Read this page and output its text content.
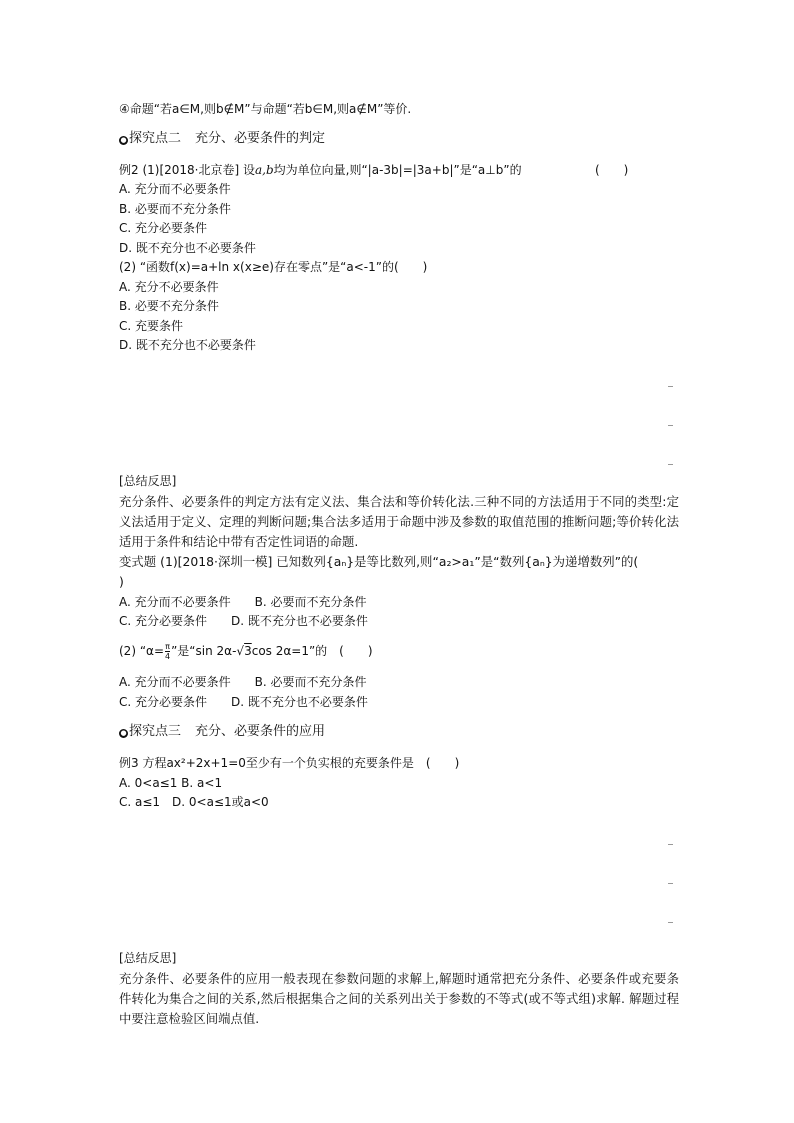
④命题“若a∈M,则b∉M”与命题“若b∈M,则a∉M”等价.
● 探究点二 充分、必要条件的判定
例2 (1)[2018·北京卷] 设a,b均为单位向量,则“|a-3b|=|3a+b|”是“a⊥b”的	(　　)
A. 充分而不必要条件
B. 必要而不充分条件
C. 充分必要条件
D. 既不充分也不必要条件
(2) “函数f(x)=a+ln x(x≥e)存在零点”是“a<-1”的(　　)
A. 充分不必要条件
B. 必要不充分条件
C. 充要条件
D. 既不充分也不必要条件
[总结反思]
充分条件、必要条件的判定方法有定义法、集合法和等价转化法.三种不同的方法适用于不同的类型:定义法适用于定义、定理的判断问题;集合法多适用于命题中涉及参数的取值范围的推断问题;等价转化法适用于条件和结论中带有否定性词语的命题.
变式题 (1)[2018·深圳一模] 已知数列{aₙ}是等比数列,则“a₂>a₁”是“数列{aₙ}为递增数列”的(
)
A. 充分而不必要条件　　B. 必要而不充分条件
C. 充分必要条件　　D. 既不充分也不必要条件
(2) “$\alpha= \frac{\pi}{4}$ ”是“sin 2α-√3cos 2α=1”的　(　　)
A. 充分而不必要条件　　B. 必要而不充分条件
C. 充分必要条件　　D. 既不充分也不必要条件
● 探究点三 充分、必要条件的应用
例3 方程ax²+2x+1=0至少有一个负实根的充要条件是　(　　)
A. 0<a≤1 B. a<1
C. a≤1　D. 0<a≤1或a<0
[总结反思]
充分条件、必要条件的应用一般表现在参数问题的求解上,解题时通常把充分条件、必要条件或充要条件转化为集合之间的关系,然后根据集合之间的关系列出关于参数的不等式(或不等式组)求解. 解题过程中要注意检验区间端点值.
